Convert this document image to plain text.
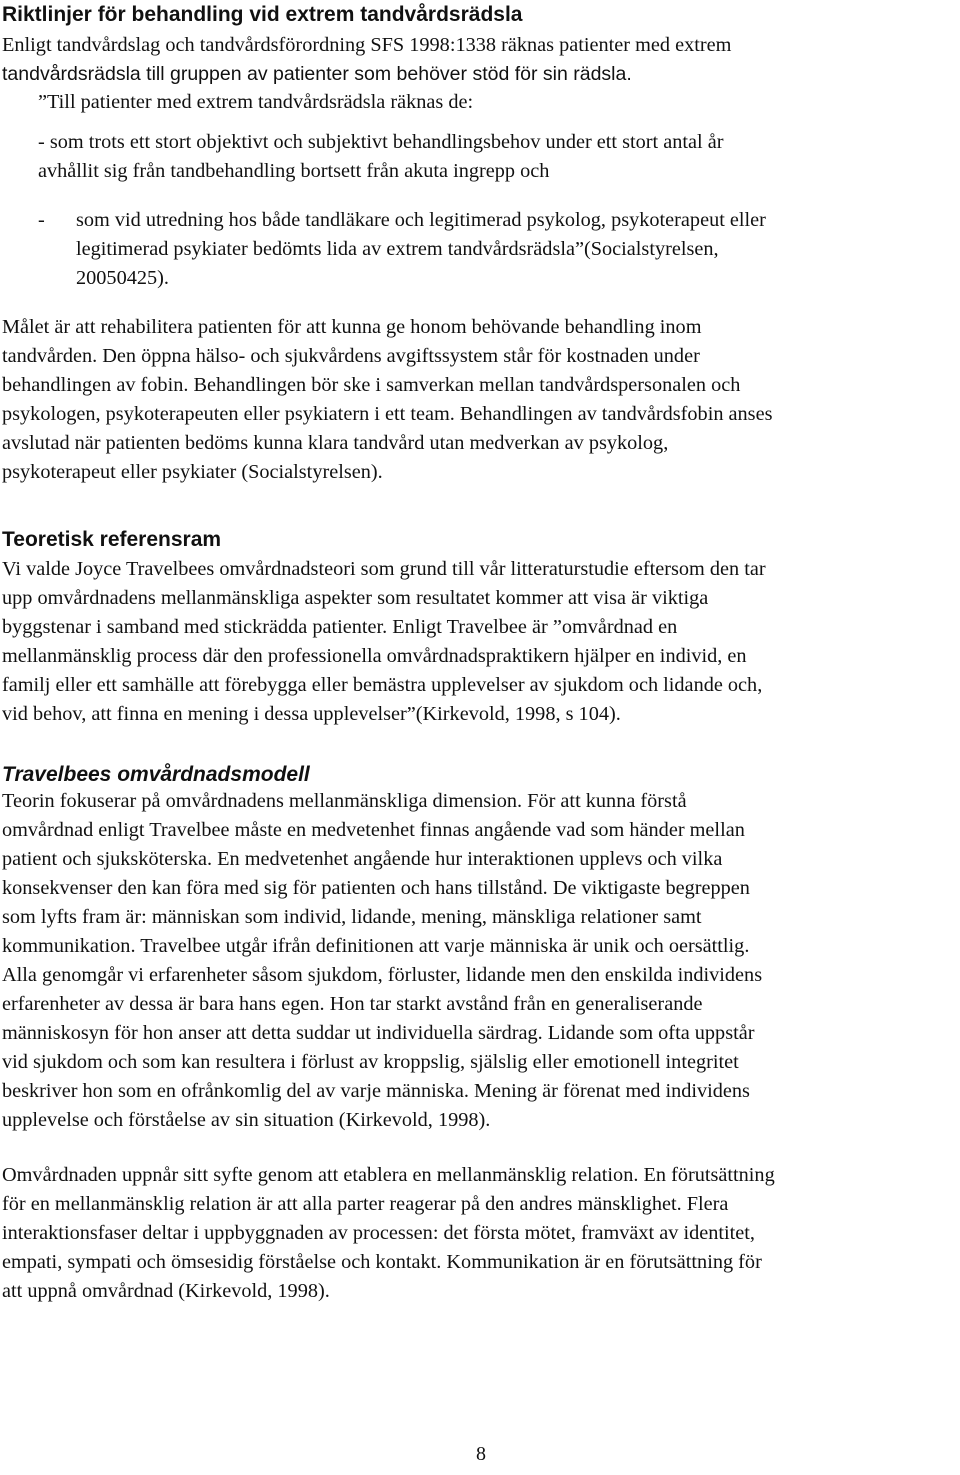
Riktlinjer för behandling vid extrem tandvårdsrädsla
Enligt tandvårdslag och tandvårdsförordning SFS 1998:1338 räknas patienter med extrem
tandvårdsrädsla till gruppen av patienter som behöver stöd för sin rädsla.

”Till patienter med extrem tandvårdsrädsla räknas de:

- som trots ett stort objektivt och subjektivt behandlingsbehov under ett stort antal år
avhållit sig från tandbehandling bortsett från akuta ingrepp och
- som vid utredning hos både tandläkare och legitimerad psykolog, psykoterapeut eller
legitimerad psykiater bedömts lida av extrem tandvårdsrädsla”(Socialstyrelsen,
20050425).
Målet är att rehabilitera patienten för att kunna ge honom behövande behandling inom
tandvården. Den öppna hälso- och sjukvårdens avgiftssystem står för kostnaden under
behandlingen av fobin. Behandlingen bör ske i samverkan mellan tandvårdspersonalen och
psykologen, psykoterapeuten eller psykiatern i ett team. Behandlingen av tandvårdsfobin anses
avslutad när patienten bedöms kunna klara tandvård utan medverkan av psykolog,
psykoterapeut eller psykiater (Socialstyrelsen).
Teoretisk referensram
Vi valde Joyce Travelbees omvårdnadsteori som grund till vår litteraturstudie eftersom den tar
upp omvårdnadens mellanmänskliga aspekter som resultatet kommer att visa är viktiga
byggstenar i samband med stickrädda patienter. Enligt Travelbee är ”omvårdnad en
mellanmänsklig process där den professionella omvårdnadspraktikern hjälper en individ, en
familj eller ett samhälle att förebygga eller bemästra upplevelser av sjukdom och lidande och,
vid behov, att finna en mening i dessa upplevelser”(Kirkevold, 1998, s 104).
Travelbees omvårdnadsmodell
Teorin fokuserar på omvårdnadens mellanmänskliga dimension. För att kunna förstå
omvårdnad enligt Travelbee måste en medvetenhet finnas angående vad som händer mellan
patient och sjuksköterska. En medvetenhet angående hur interaktionen upplevs och vilka
konsekvenser den kan föra med sig för patienten och hans tillstånd. De viktigaste begreppen
som lyfts fram är: människan som individ, lidande, mening, mänskliga relationer samt
kommunikation. Travelbee utgår ifrån definitionen att varje människa är unik och oersättlig.
Alla genomgår vi erfarenheter såsom sjukdom, förluster, lidande men den enskilda individens
erfarenheter av dessa är bara hans egen. Hon tar starkt avstånd från en generaliserande
människosyn för hon anser att detta suddar ut individuella särdrag. Lidande som ofta uppstår
vid sjukdom och som kan resultera i förlust av kroppslig, själslig eller emotionell integritet
beskriver hon som en ofrånkomlig del av varje människa. Mening är förenat med individens
upplevelse och förståelse av sin situation (Kirkevold, 1998).
Omvårdnaden uppnår sitt syfte genom att etablera en mellanmänsklig relation. En förutsättning
för en mellanmänsklig relation är att alla parter reagerar på den andres mänsklighet. Flera
interaktionsfaser deltar i uppbyggnaden av processen: det första mötet, framväxt av identitet,
empati, sympati och ömsesidig förståelse och kontakt. Kommunikation är en förutsättning för
att uppnå omvårdnad (Kirkevold, 1998).

8
